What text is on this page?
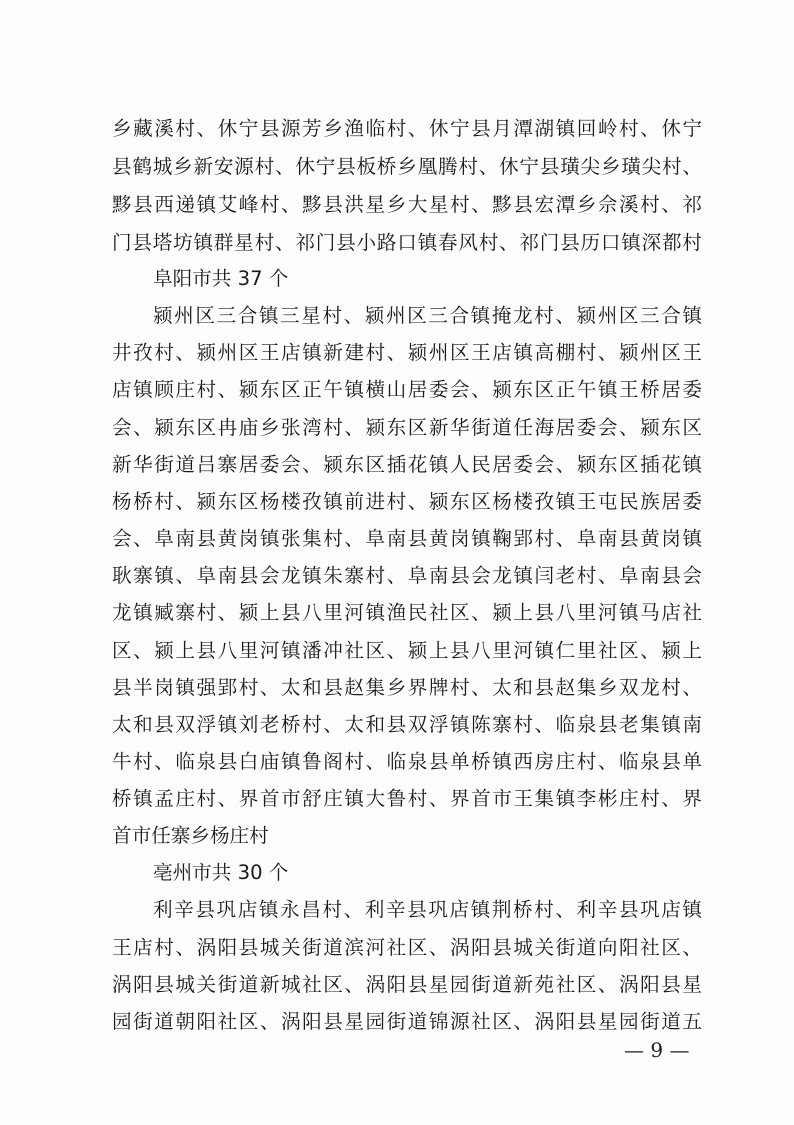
乡藏溪村、休宁县源芳乡渔临村、休宁县月潭湖镇回岭村、休宁
县鹤城乡新安源村、休宁县板桥乡凰腾村、休宁县璜尖乡璜尖村、
黟县西递镇艾峰村、黟县洪星乡大星村、黟县宏潭乡佘溪村、祁
门县塔坊镇群星村、祁门县小路口镇春风村、祁门县历口镇深都村
阜阳市共 37 个
颍州区三合镇三星村、颍州区三合镇掩龙村、颍州区三合镇
井孜村、颍州区王店镇新建村、颍州区王店镇高棚村、颍州区王
店镇顾庄村、颍东区正午镇横山居委会、颍东区正午镇王桥居委
会、颍东区冉庙乡张湾村、颍东区新华街道任海居委会、颍东区
新华街道吕寨居委会、颍东区插花镇人民居委会、颍东区插花镇
杨桥村、颍东区杨楼孜镇前进村、颍东区杨楼孜镇王屯民族居委
会、阜南县黄岗镇张集村、阜南县黄岗镇鞠郢村、阜南县黄岗镇
耿寨镇、阜南县会龙镇朱寨村、阜南县会龙镇闫老村、阜南县会
龙镇臧寨村、颍上县八里河镇渔民社区、颍上县八里河镇马店社
区、颍上县八里河镇潘冲社区、颍上县八里河镇仁里社区、颍上
县半岗镇强郢村、太和县赵集乡界牌村、太和县赵集乡双龙村、
太和县双浮镇刘老桥村、太和县双浮镇陈寨村、临泉县老集镇南
牛村、临泉县白庙镇鲁阁村、临泉县单桥镇西房庄村、临泉县单
桥镇孟庄村、界首市舒庄镇大鲁村、界首市王集镇李彬庄村、界
首市任寨乡杨庄村
亳州市共 30 个
利辛县巩店镇永昌村、利辛县巩店镇荆桥村、利辛县巩店镇
王店村、涡阳县城关街道滨河社区、涡阳县城关街道向阳社区、
涡阳县城关街道新城社区、涡阳县星园街道新苑社区、涡阳县星
园街道朝阳社区、涡阳县星园街道锦源社区、涡阳县星园街道五
— 9 —
